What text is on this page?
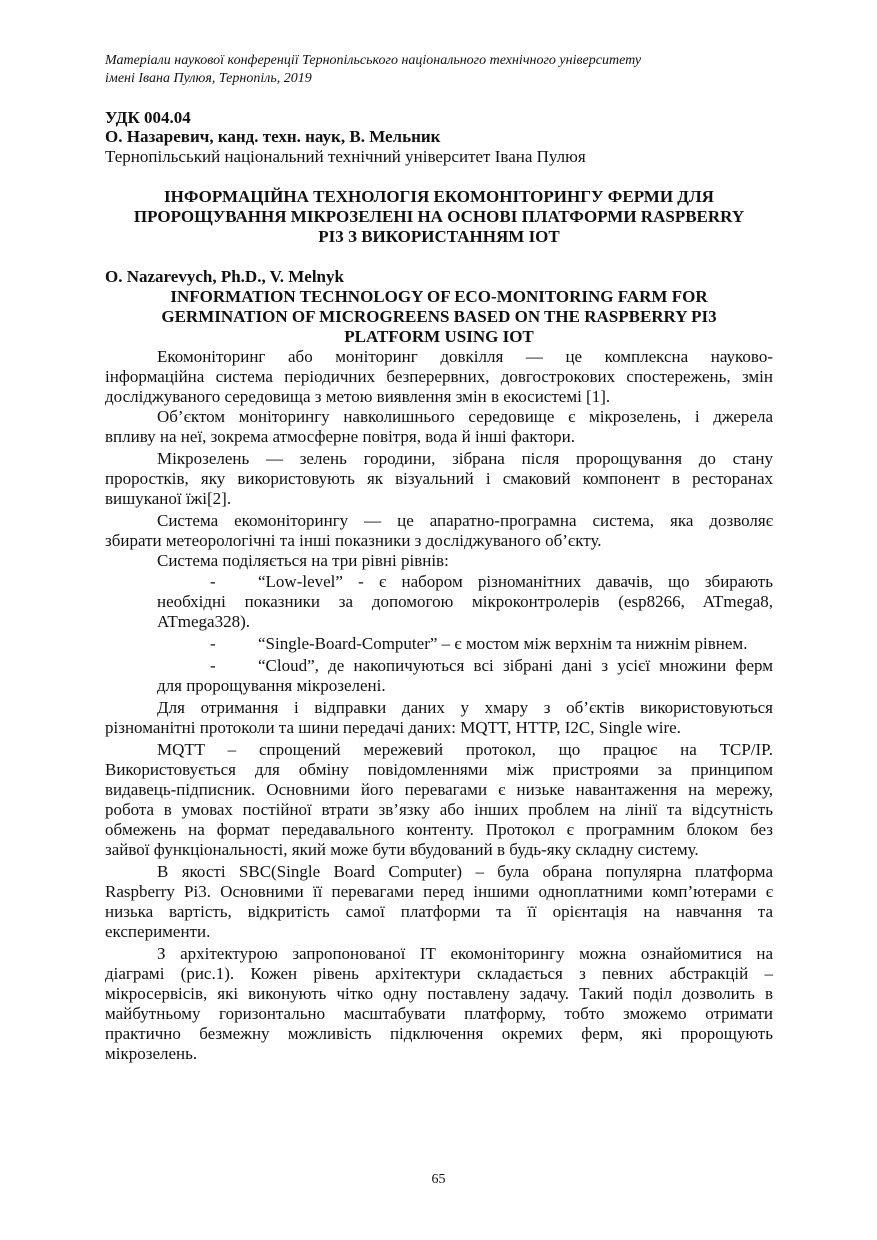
Матеріали наукової конференції Тернопільського національного технічного університету
імені Івана Пулюя, Тернопіль, 2019
УДК 004.04
О. Назаревич, канд. техн. наук, В. Мельник
Тернопільський національний технічний університет Івана Пулюя
ІНФОРМАЦІЙНА ТЕХНОЛОГІЯ ЕКОМОНІТОРИНГУ ФЕРМИ ДЛЯ
ПРОРОЩУВАННЯ МІКРОЗЕЛЕНІ НА ОСНОВІ ПЛАТФОРМИ RASPBERRY
PI3 З ВИКОРИСТАННЯМ IOT
O. Nazarevych, Ph.D., V. Melnyk
INFORMATION TECHNOLOGY OF ECO-MONITORING FARM FOR
GERMINATION OF MICROGREENS BASED ON THE RASPBERRY PI3
PLATFORM USING IOT
Екомоніторинг або моніторинг довкілля — це комплексна науково-
інформаційна система періодичних безперервних, довгострокових спостережень, змін
досліджуваного середовища з метою виявлення змін в екосистемі [1].
Об’єктом моніторингу навколишнього середовище є мікрозелень, і джерела
впливу на неї, зокрема атмосферне повітря, вода й інші фактори.
Мікрозелень — зелень городини, зібрана після пророщування до стану
проростків, яку використовують як візуальний і смаковий компонент в ресторанах
вишуканої їжі[2].
Система екомоніторингу — це апаратно-програмна система, яка дозволяє
збирати метеорологічні та інші показники з досліджуваного об’єкту.
Система поділяється на три рівні рівнів:
- “Low-level” - є набором різноманітних давачів, що збирають
необхідні показники за допомогою мікроконтролерів (esp8266, ATmega8,
ATmega328).
- “Single-Board-Computer” – є мостом між верхнім та нижнім рівнем.
- “Cloud”, де накопичуються всі зібрані дані з усієї множини ферм
для пророщування мікрозелені.
Для отримання і відправки даних у хмару з об’єктів використовуються
різноманітні протоколи та шини передачі даних: MQTT, HTTP, I2C, Single wire.
MQTT – спрощений мережевий протокол, що працює на TCP/IP.
Використовується для обміну повідомленнями між пристроями за принципом
видавець-підписник. Основними його перевагами є низьке навантаження на мережу,
робота в умовах постійної втрати зв’язку або інших проблем на лінії та відсутність
обмежень на формат передавального контенту. Протокол є програмним блоком без
зайвої функціональності, який може бути вбудований в будь-яку складну систему.
В якості SBC(Single Board Computer) – була обрана популярна платформа
Raspberry Pi3. Основними її перевагами перед іншими одноплатними комп’ютерами є
низька вартість, відкритість самої платформи та її орієнтація на навчання та
експерименти.
З архітектурою запропонованої ІТ екомоніторингу можна ознайомитися на
діаграмі (рис.1). Кожен рівень архітектури складається з певних абстракцій –
мікросервісів, які виконують чітко одну поставлену задачу. Такий поділ дозволить в
майбутньому горизонтально масштабувати платформу, тобто зможемо отримати
практично безмежну можливість підключення окремих ферм, які пророщують
мікрозелень.
65
